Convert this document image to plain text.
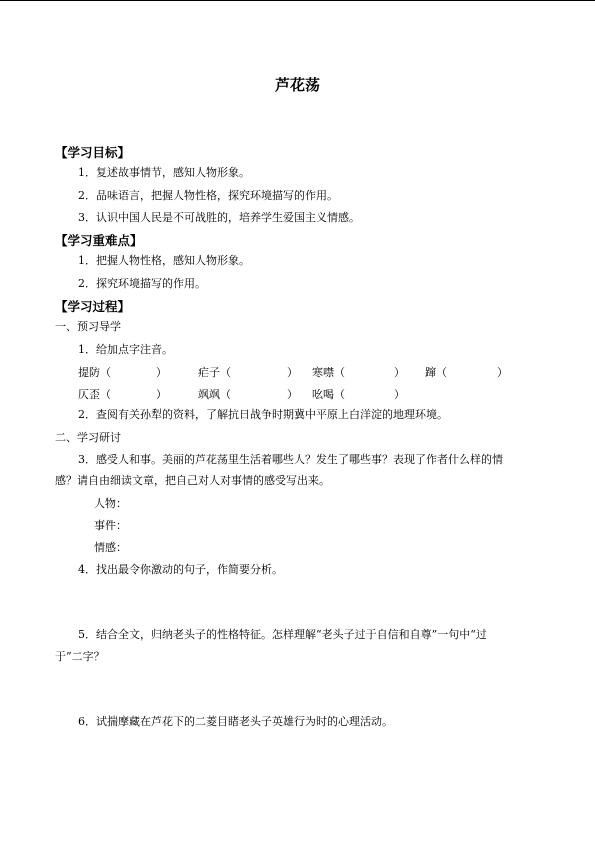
芦花荡
【学习目标】
1．复述故事情节，感知人物形象。
2．品味语言，把握人物性格，探究环境描写的作用。
3．认识中国人民是不可战胜的，培养学生爱国主义情感。
【学习重难点】
1．把握人物性格，感知人物形象。
2．探究环境描写的作用。
【学习过程】
一、预习导学
1．给加点字注音。
提防（	）	疟子（	） 寒噤（	） 蹿（	）
仄歪（	）	飒飒（	） 吆喝（	）
2．查阅有关孙犁的资料，了解抗日战争时期冀中平原上白洋淀的地理环境。
二、学习研讨
3．感受人和事。美丽的芦花荡里生活着哪些人？发生了哪些事？表现了作者什么样的情
感？请自由细读文章，把自己对人对事情的感受写出来。
人物：
事件：
情感：
4．找出最令你激动的句子，作简要分析。
5．结合全文，归纳老头子的性格特征。怎样理解“老头子过于自信和自尊”一句中“过
于”二字？
6．试揣摩藏在芦花下的二菱目睹老头子英雄行为时的心理活动。
